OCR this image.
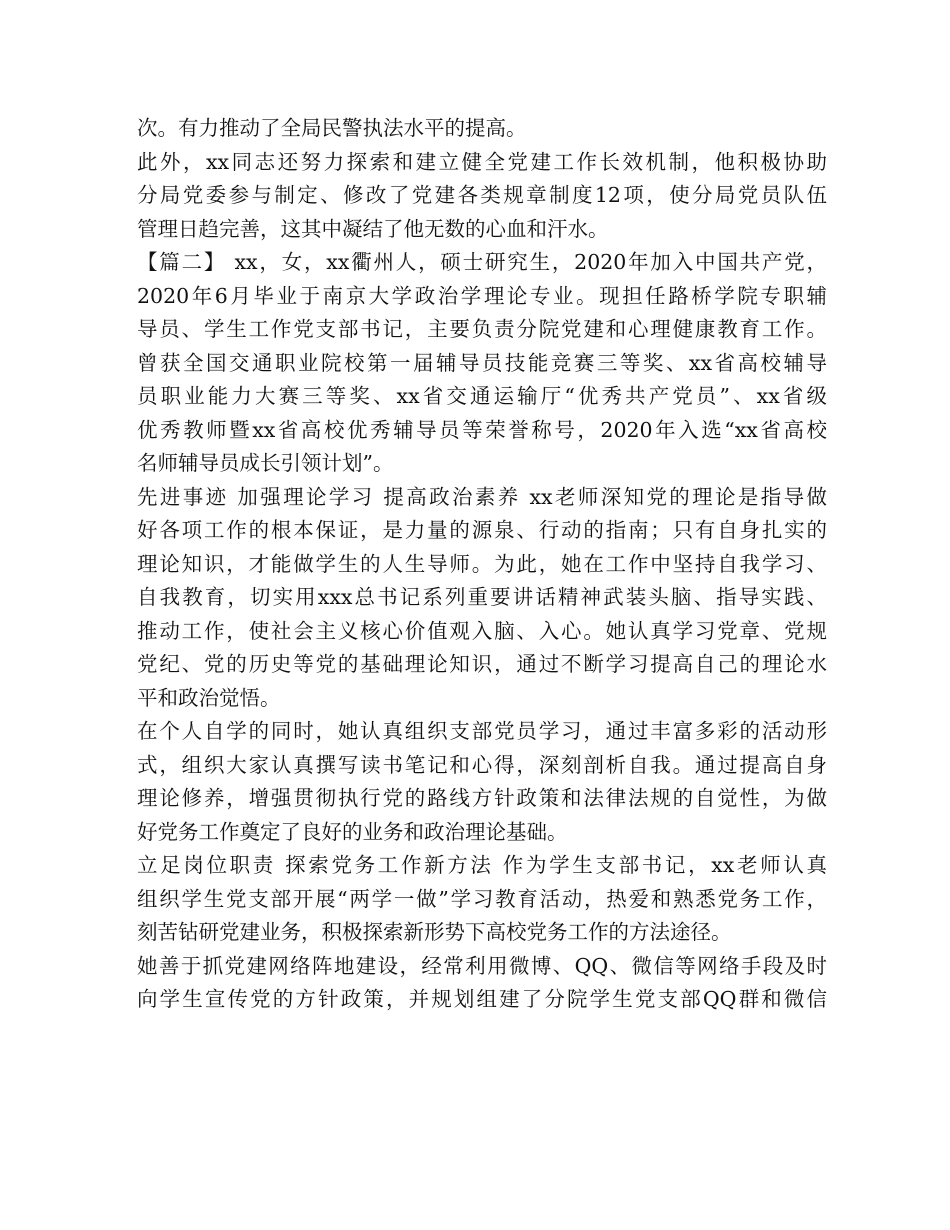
次。有力推动了全局民警执法水平的提高。
此外，xx同志还努力探索和建立健全党建工作长效机制，他积极协助
分局党委参与制定、修改了党建各类规章制度12项，使分局党员队伍
管理日趋完善，这其中凝结了他无数的心血和汗水。
【篇二】 xx，女，xx衢州人，硕士研究生，2020年加入中国共产党，
2020年6月毕业于南京大学政治学理论专业。现担任路桥学院专职辅
导员、学生工作党支部书记，主要负责分院党建和心理健康教育工作。
曾获全国交通职业院校第一届辅导员技能竞赛三等奖、xx省高校辅导
员职业能力大赛三等奖、xx省交通运输厅“优秀共产党员”、xx省级
优秀教师暨xx省高校优秀辅导员等荣誉称号，2020年入选“xx省高校
名师辅导员成长引领计划”。
先进事迹 加强理论学习 提高政治素养 xx老师深知党的理论是指导做
好各项工作的根本保证，是力量的源泉、行动的指南；只有自身扎实的
理论知识，才能做学生的人生导师。为此，她在工作中坚持自我学习、
自我教育，切实用xxx总书记系列重要讲话精神武装头脑、指导实践、
推动工作，使社会主义核心价值观入脑、入心。她认真学习党章、党规
党纪、党的历史等党的基础理论知识，通过不断学习提高自己的理论水
平和政治觉悟。
在个人自学的同时，她认真组织支部党员学习，通过丰富多彩的活动形
式，组织大家认真撰写读书笔记和心得，深刻剖析自我。通过提高自身
理论修养，增强贯彻执行党的路线方针政策和法律法规的自觉性，为做
好党务工作奠定了良好的业务和政治理论基础。
立足岗位职责 探索党务工作新方法 作为学生支部书记，xx老师认真
组织学生党支部开展“两学一做”学习教育活动，热爱和熟悉党务工作，
刻苦钻研党建业务，积极探索新形势下高校党务工作的方法途径。
她善于抓党建网络阵地建设，经常利用微博、QQ、微信等网络手段及时
向学生宣传党的方针政策，并规划组建了分院学生党支部QQ群和微信
